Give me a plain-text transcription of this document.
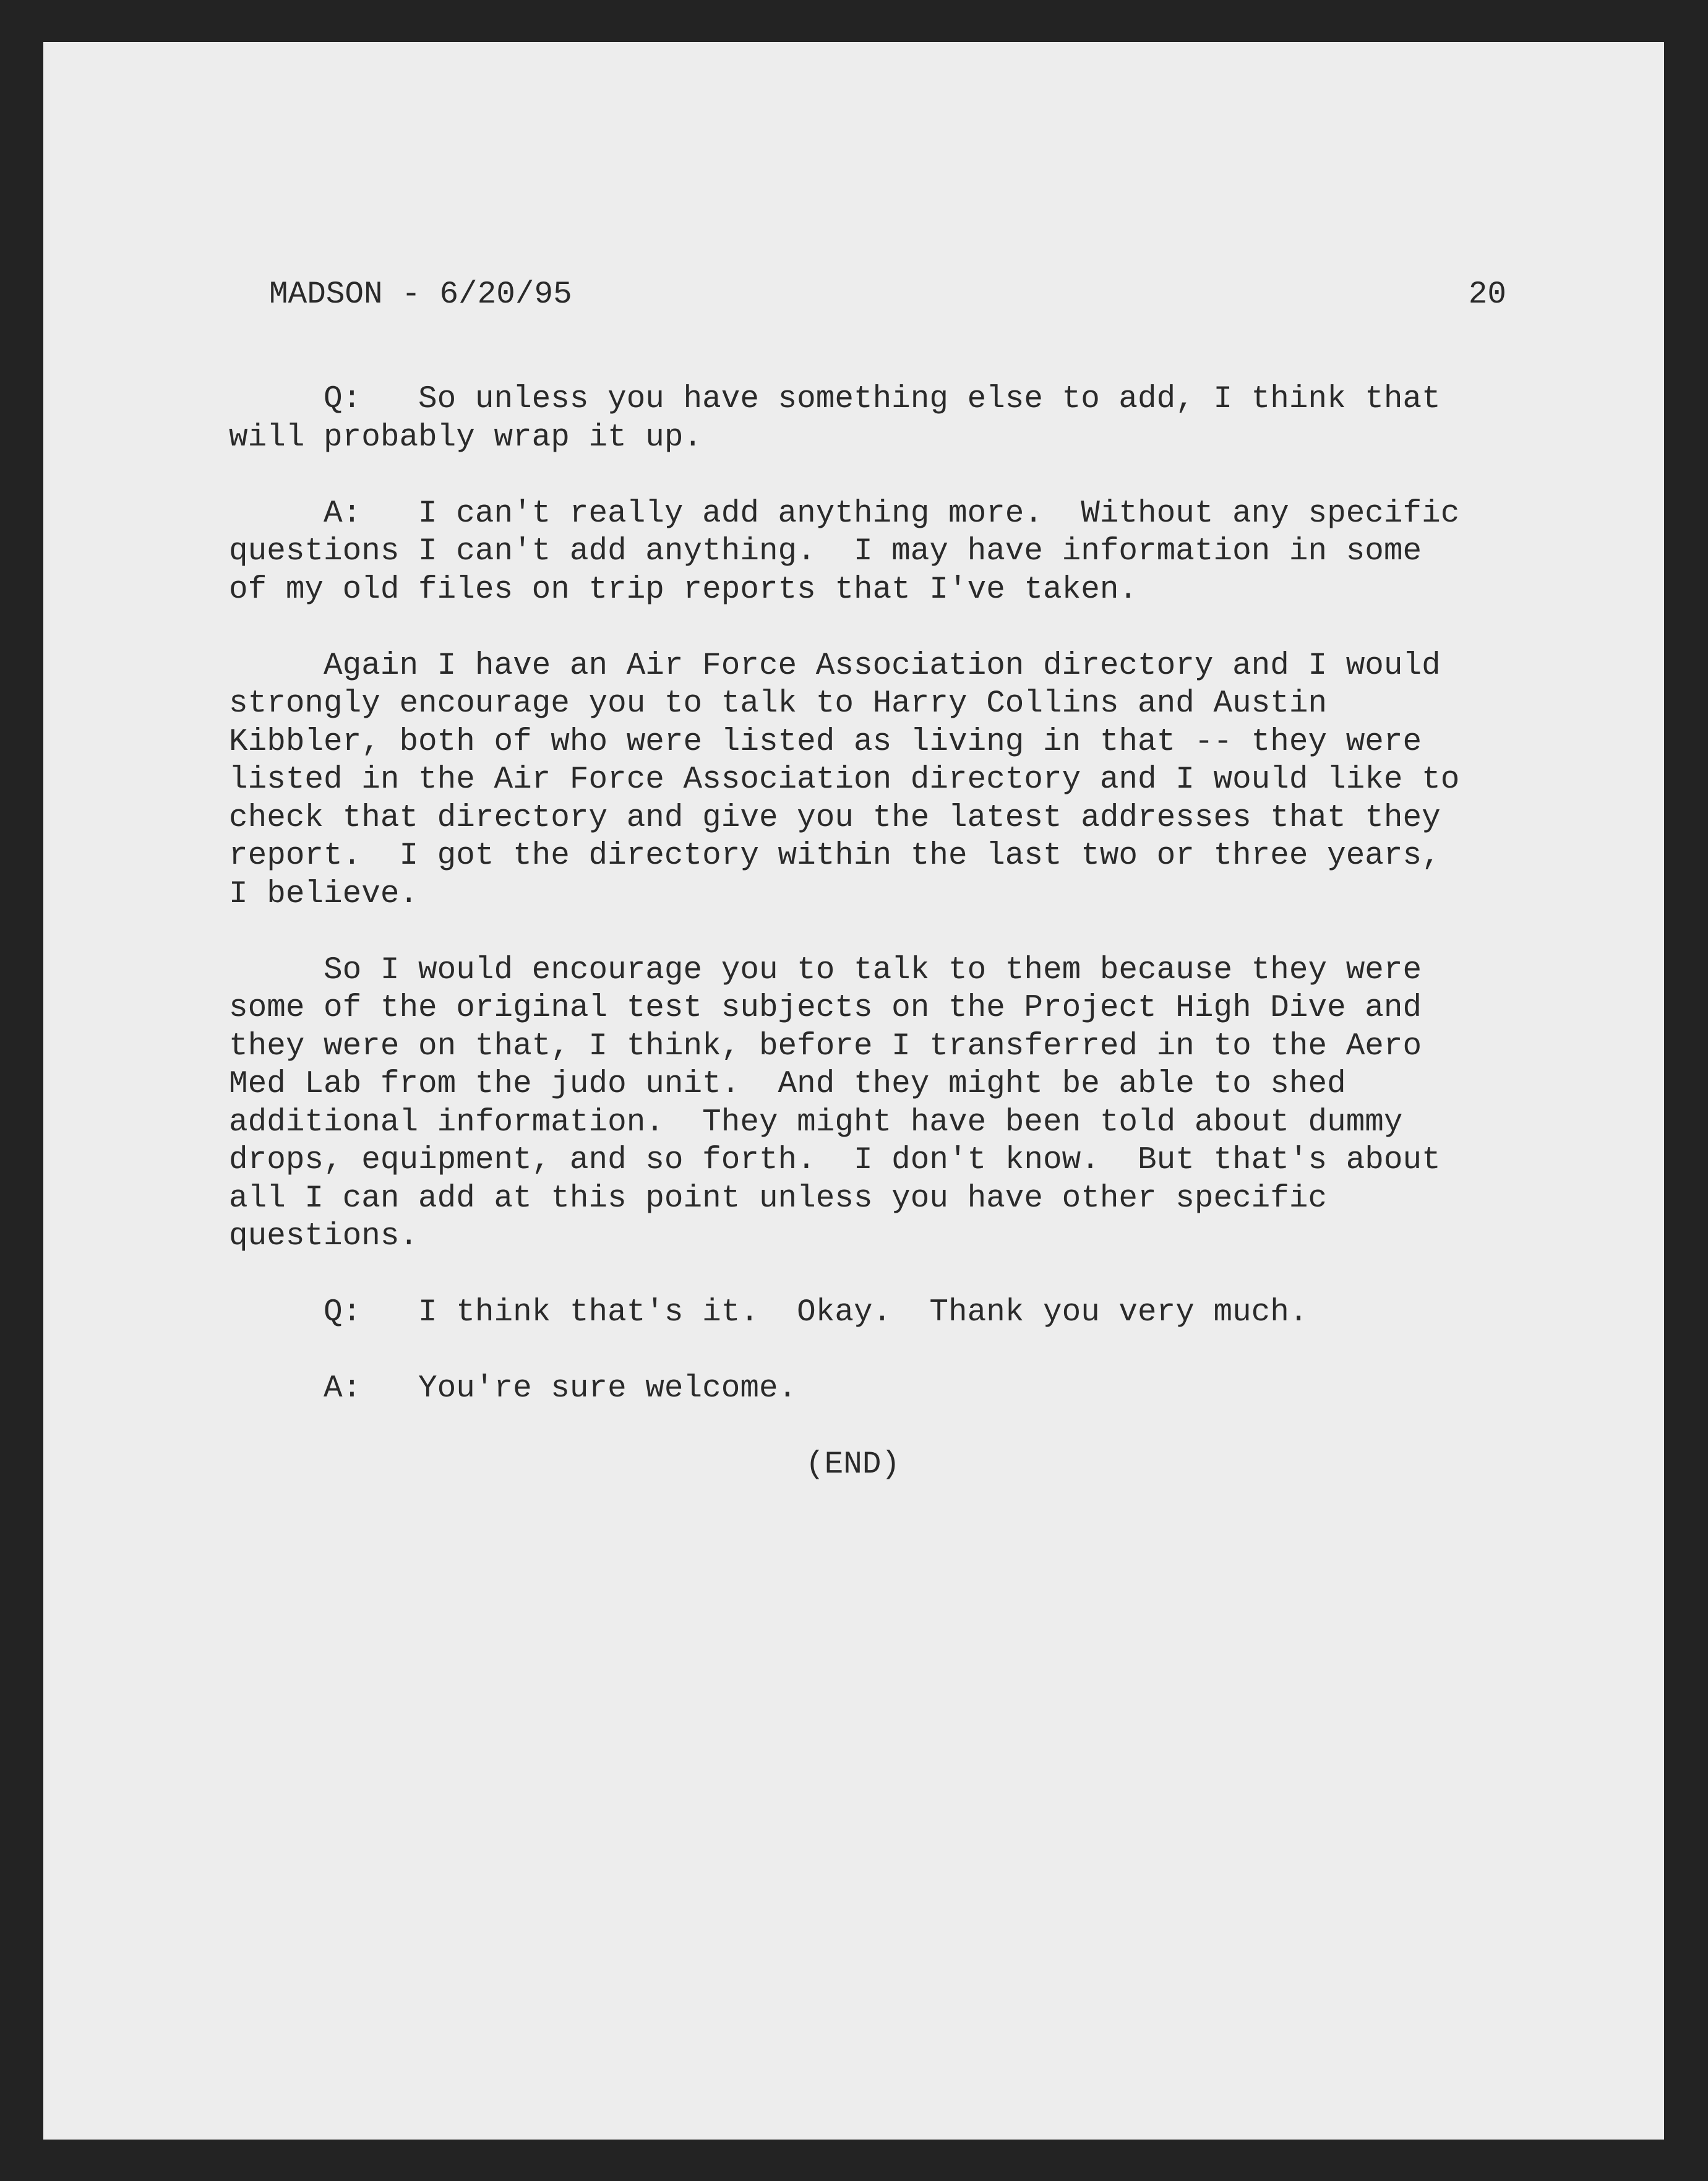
MADSON - 6/20/95	20

Q:   So unless you have something else to add, I think that
will probably wrap it up.

A:   I can't really add anything more.  Without any specific
questions I can't add anything.  I may have information in some
of my old files on trip reports that I've taken.

Again I have an Air Force Association directory and I would
strongly encourage you to talk to Harry Collins and Austin
Kibbler, both of who were listed as living in that -- they were
listed in the Air Force Association directory and I would like to
check that directory and give you the latest addresses that they
report.  I got the directory within the last two or three years,
I believe.

So I would encourage you to talk to them because they were
some of the original test subjects on the Project High Dive and
they were on that, I think, before I transferred in to the Aero
Med Lab from the judo unit.  And they might be able to shed
additional information.  They might have been told about dummy
drops, equipment, and so forth.  I don't know.  But that's about
all I can add at this point unless you have other specific
questions.

Q:   I think that's it.  Okay.  Thank you very much.

A:   You're sure welcome.

(END)
